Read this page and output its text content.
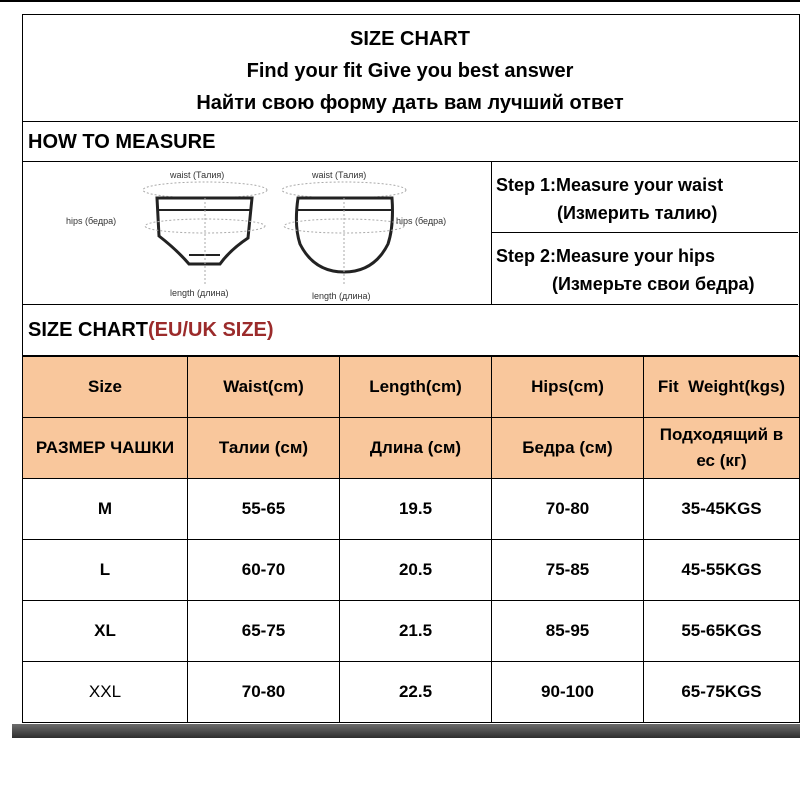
SIZE CHART
Find your fit Give you best answer
Найти свою форму дать вам лучший ответ
HOW TO MEASURE
waist (Талия)	waist (Талия)
hips (бедра)	hips (бедра)
length (длина)	length (длина)
Step 1:Measure your waist
(Измерить талию)
Step 2:Measure your hips
(Измерьте свои бедра)
SIZE CHART(EU/UK SIZE)
Size	Waist(cm)	Length(cm)	Hips(cm)	Fit  Weight(kgs)
РАЗМЕР ЧАШКИ	Талии (см)	Длина (см)	Бедра (см)	Подходящий в ес (кг)
M	55-65	19.5	70-80	35-45KGS
L	60-70	20.5	75-85	45-55KGS
XL	65-75	21.5	85-95	55-65KGS
XXL	70-80	22.5	90-100	65-75KGS
